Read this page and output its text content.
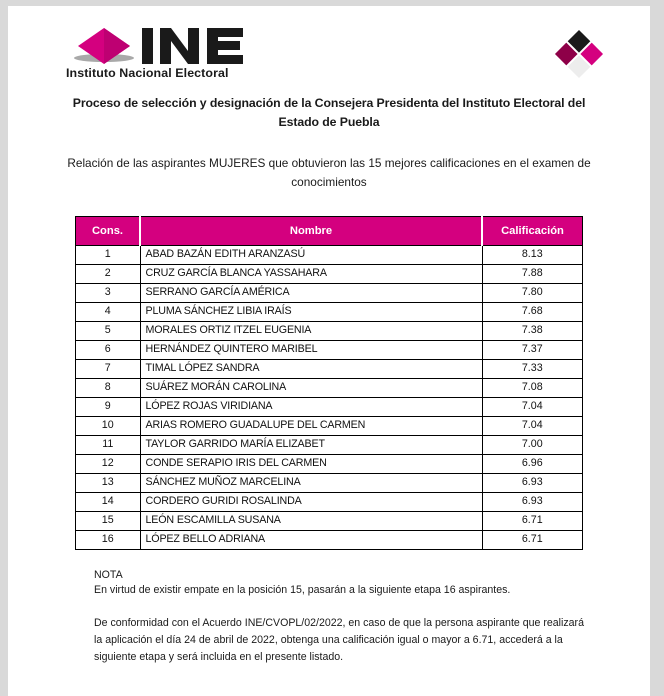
Instituto Nacional Electoral
Proceso de selección y designación de la Consejera Presidenta del Instituto Electoral del Estado de Puebla
Relación de las aspirantes MUJERES que obtuvieron las 15 mejores calificaciones en el examen de conocimientos
Cons.	Nombre	Calificación
1	ABAD BAZÁN EDITH ARANZASÚ	8.13
2	CRUZ GARCÍA BLANCA YASSAHARA	7.88
3	SERRANO GARCÍA AMÉRICA	7.80
4	PLUMA SÁNCHEZ LIBIA IRAÍS	7.68
5	MORALES ORTIZ ITZEL EUGENIA	7.38
6	HERNÁNDEZ QUINTERO MARIBEL	7.37
7	TIMAL LÓPEZ SANDRA	7.33
8	SUÁREZ MORÁN CAROLINA	7.08
9	LÓPEZ ROJAS VIRIDIANA	7.04
10	ARIAS ROMERO GUADALUPE DEL CARMEN	7.04
11	TAYLOR GARRIDO MARÍA ELIZABET	7.00
12	CONDE SERAPIO IRIS DEL CARMEN	6.96
13	SÁNCHEZ MUÑOZ MARCELINA	6.93
14	CORDERO GURIDI ROSALINDA	6.93
15	LEÓN ESCAMILLA SUSANA	6.71
16	LÓPEZ BELLO ADRIANA	6.71
NOTA
En virtud de existir empate en la posición 15, pasarán a la siguiente etapa 16 aspirantes.

De conformidad con el Acuerdo INE/CVOPL/02/2022, en caso de que la persona aspirante que realizará la aplicación el día 24 de abril de 2022, obtenga una calificación igual o mayor a 6.71, accederá a la siguiente etapa y será incluida en el presente listado.
